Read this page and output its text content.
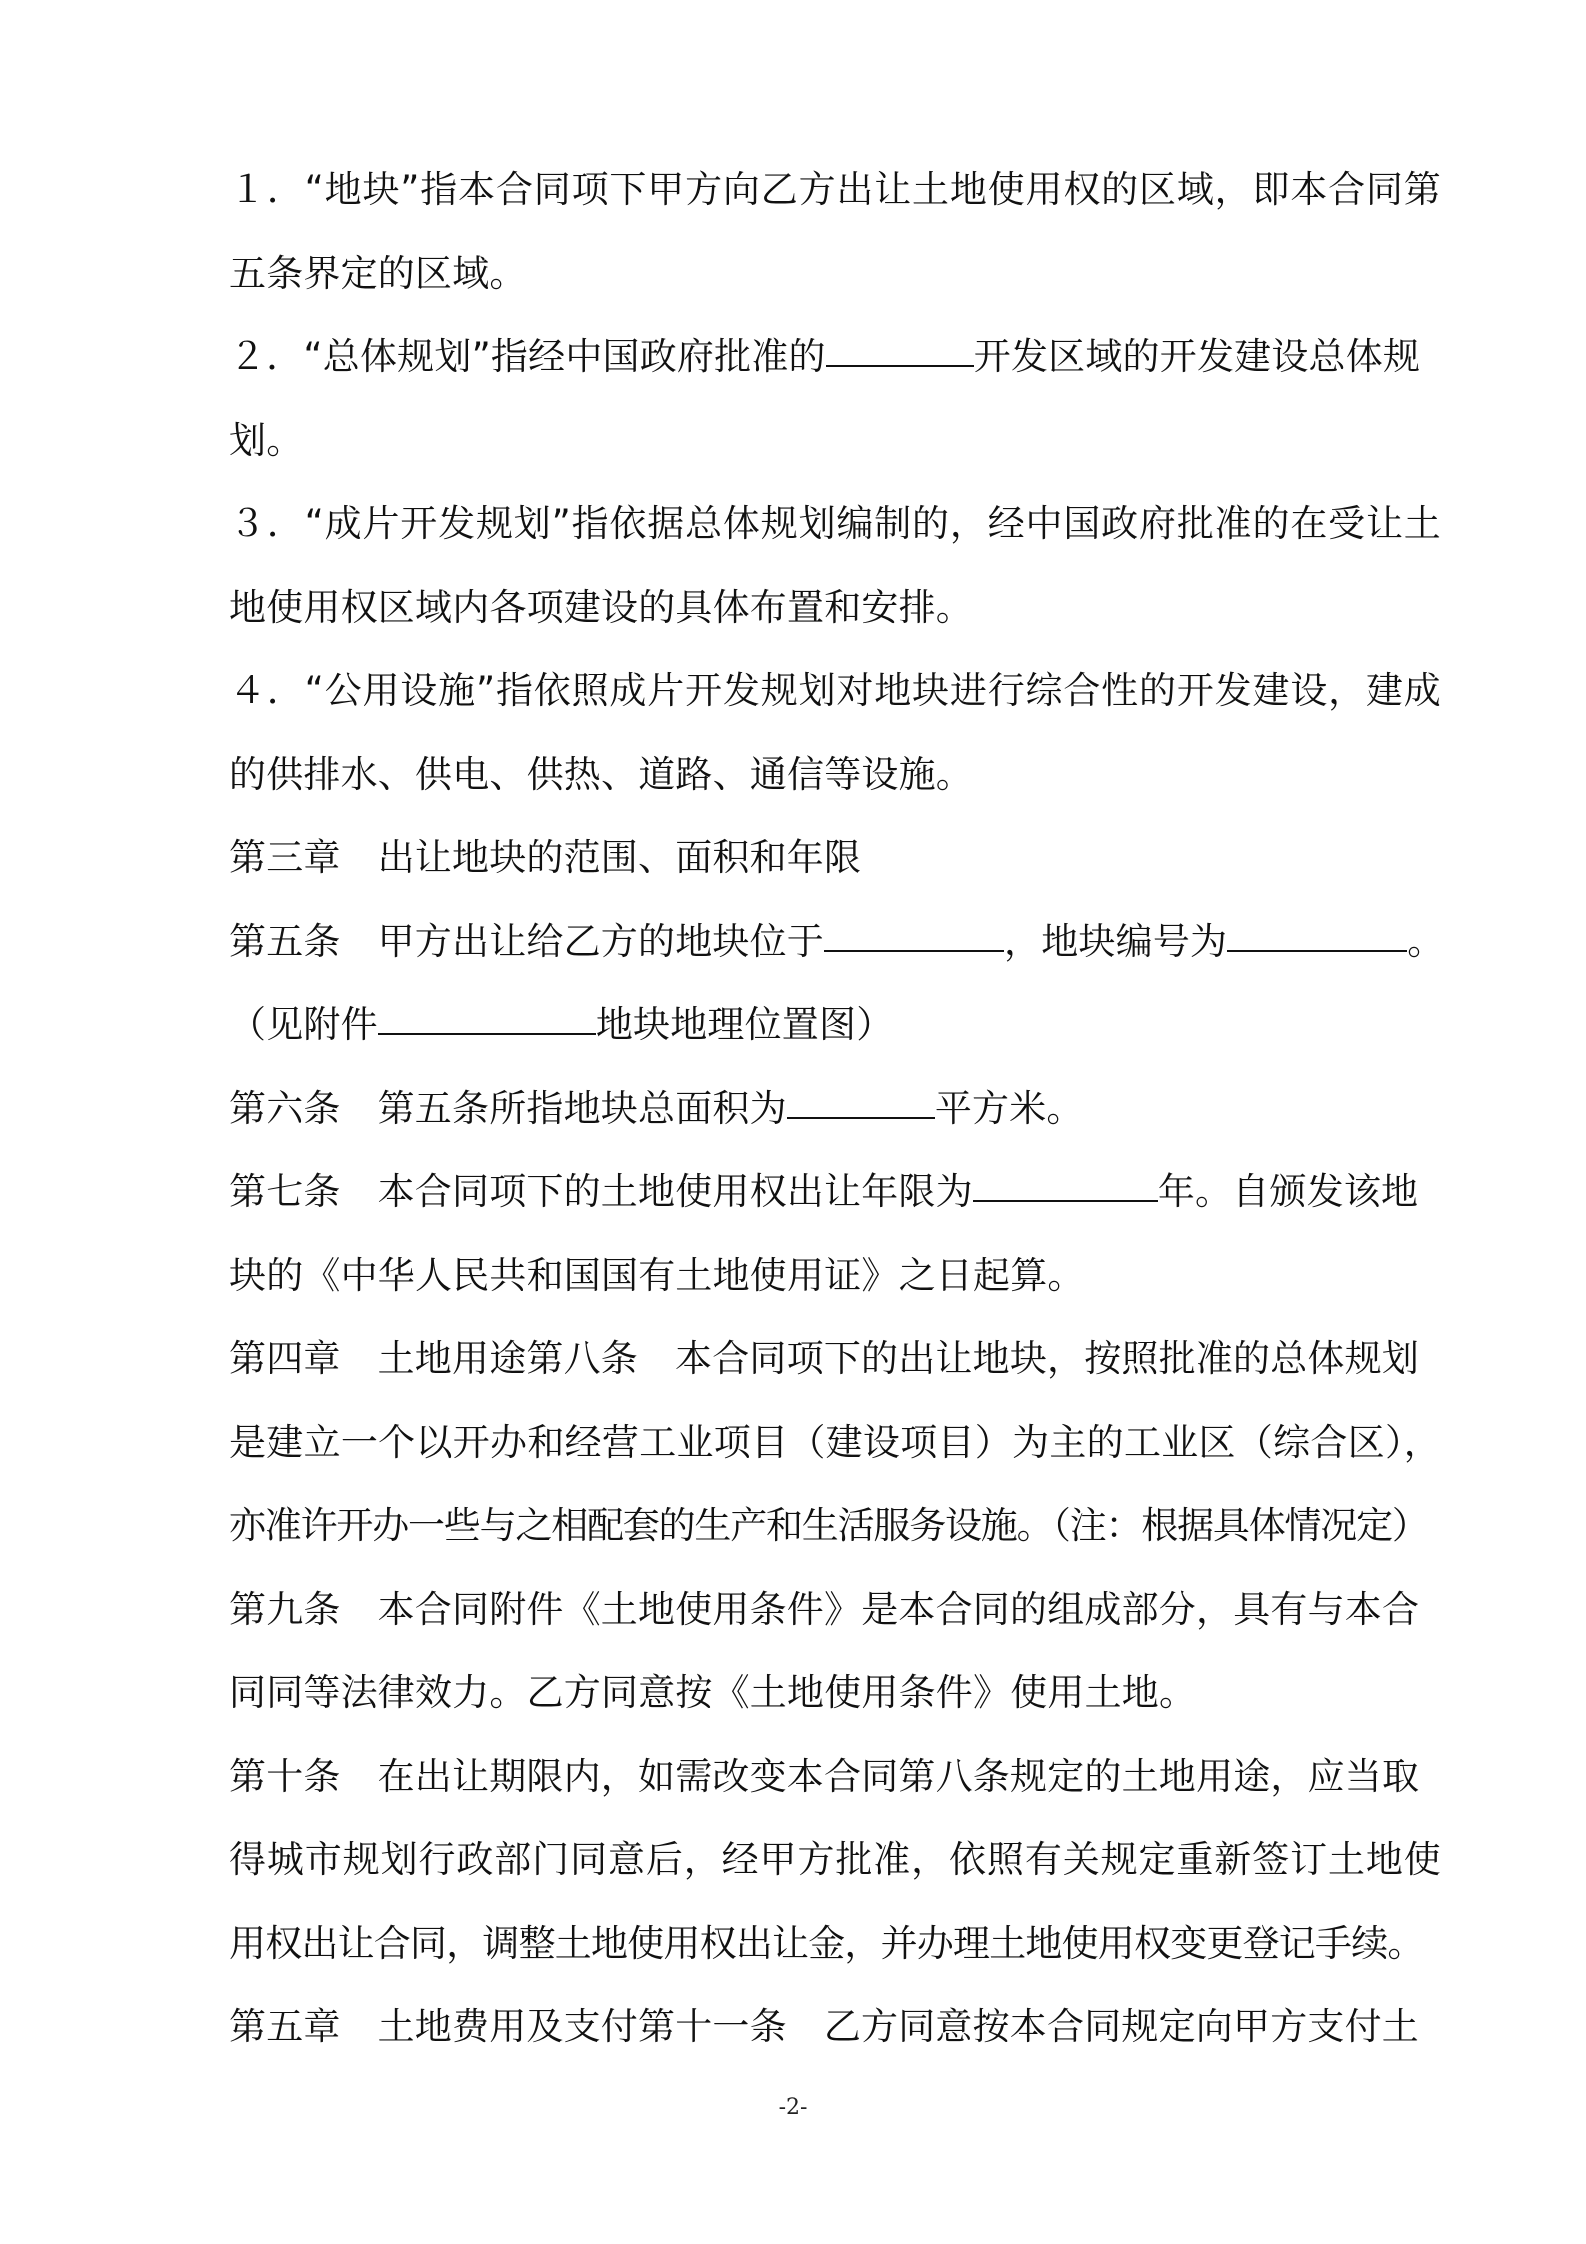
１．“地块”指本合同项下甲方向乙方出让土地使用权的区域，即本合同第
五条界定的区域。
２．“总体规划”指经中国政府批准的	开发区域的开发建设总体规
划。
３．“成片开发规划”指依据总体规划编制的，经中国政府批准的在受让土
地使用权区域内各项建设的具体布置和安排。
４．“公用设施”指依照成片开发规划对地块进行综合性的开发建设，建成
的供排水、供电、供热、道路、通信等设施。
第三章 出让地块的范围、面积和年限
第五条 甲方出让给乙方的地块位于	，地块编号为	。
（见附件	地块地理位置图）
第六条 第五条所指地块总面积为	平方米。
第七条 本合同项下的土地使用权出让年限为	年。自颁发该地
块的《中华人民共和国国有土地使用证》之日起算。
第四章 土地用途第八条 本合同项下的出让地块，按照批准的总体规划
是建立一个以开办和经营工业项目（建设项目）为主的工业区（综合区），
亦准许开办一些与之相配套的生产和生活服务设施。（注：根据具体情况定）
第九条 本合同附件《土地使用条件》是本合同的组成部分，具有与本合
同同等法律效力。乙方同意按《土地使用条件》使用土地。
第十条 在出让期限内，如需改变本合同第八条规定的土地用途，应当取
得城市规划行政部门同意后，经甲方批准，依照有关规定重新签订土地使
用权出让合同，调整土地使用权出让金，并办理土地使用权变更登记手续。
第五章 土地费用及支付第十一条 乙方同意按本合同规定向甲方支付土
-2-
